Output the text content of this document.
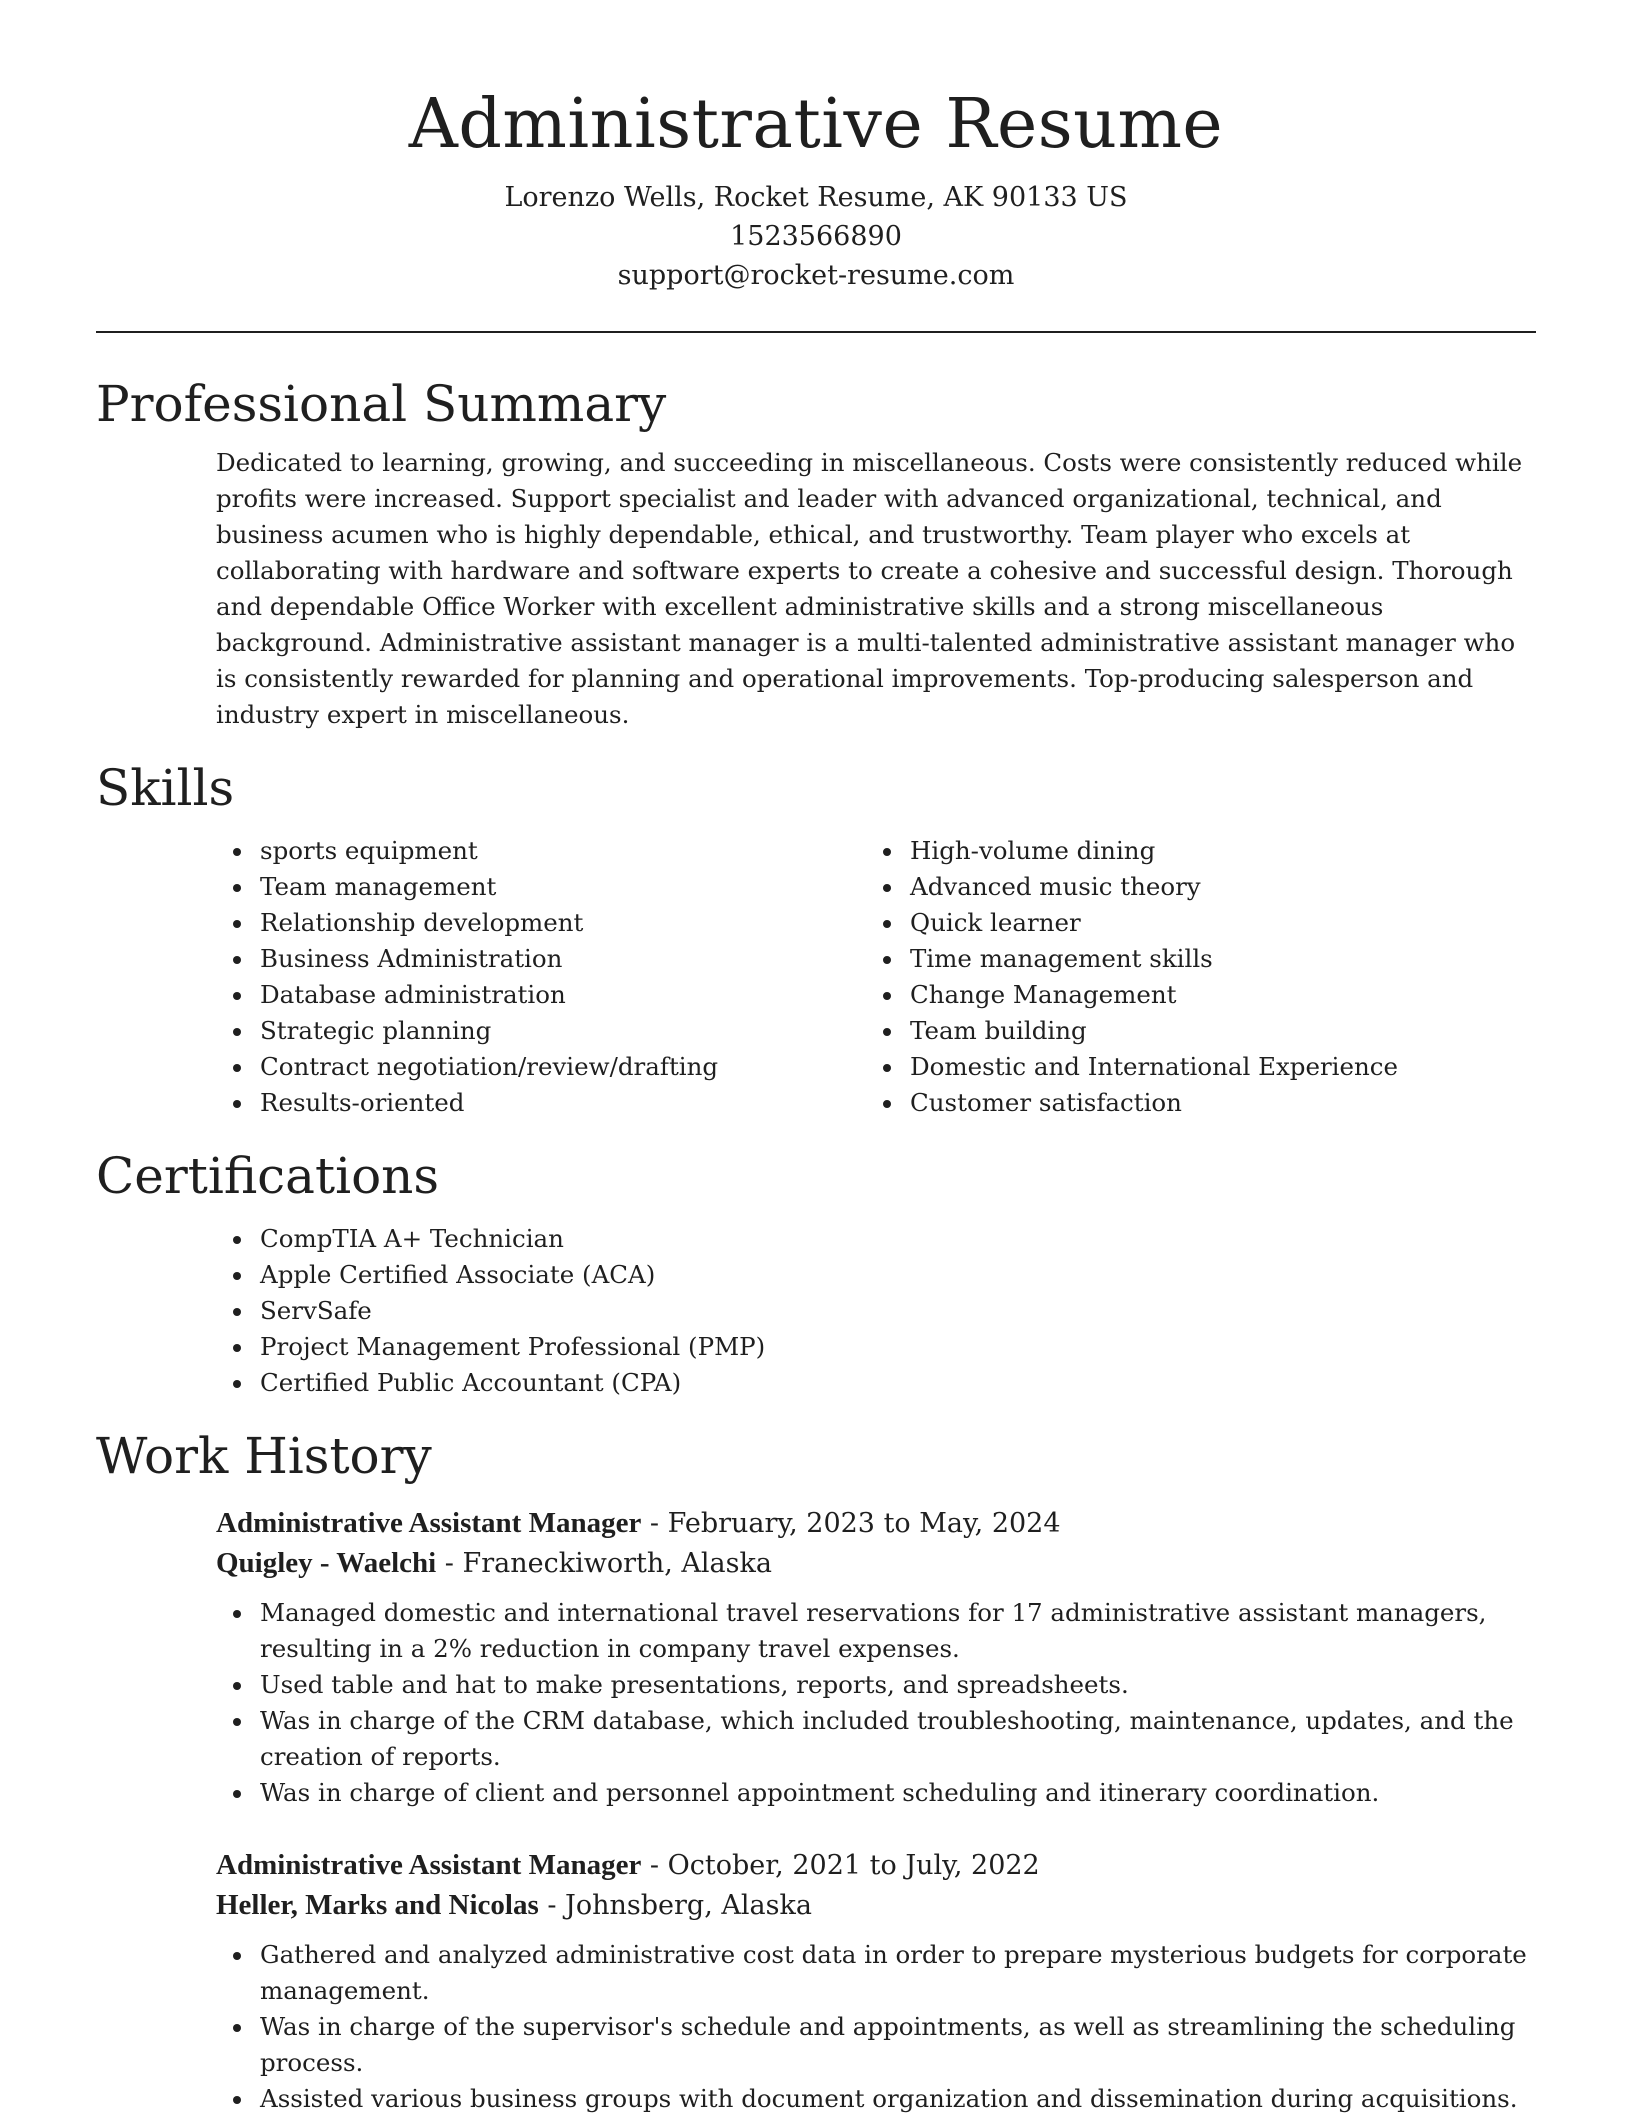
Administrative Resume

Lorenzo Wells, Rocket Resume, AK 90133 US

1523566890

support@rocket-resume.com

Professional Summary

Dedicated to learning, growing, and succeeding in miscellaneous. Costs were consistently reduced while profits were increased. Support specialist and leader with advanced organizational, technical, and business acumen who is highly dependable, ethical, and trustworthy. Team player who excels at collaborating with hardware and software experts to create a cohesive and successful design. Thorough and dependable Office Worker with excellent administrative skills and a strong miscellaneous background. Administrative assistant manager is a multi-talented administrative assistant manager who is consistently rewarded for planning and operational improvements. Top-producing salesperson and industry expert in miscellaneous.

Skills
sports equipment
Team management
Relationship development
Business Administration
Database administration
Strategic planning
Contract negotiation/review/drafting
Results-oriented
High-volume dining
Advanced music theory
Quick learner
Time management skills
Change Management
Team building
Domestic and International Experience
Customer satisfaction
Certifications
CompTIA A+ Technician
Apple Certified Associate (ACA)
ServSafe
Project Management Professional (PMP)
Certified Public Accountant (CPA)
Work History

Administrative Assistant Manager - February, 2023 to May, 2024

Quigley - Waelchi - Franeckiworth, Alaska

Managed domestic and international travel reservations for 17 administrative assistant managers, resulting in a 2% reduction in company travel expenses.
Used table and hat to make presentations, reports, and spreadsheets.
Was in charge of the CRM database, which included troubleshooting, maintenance, updates, and the creation of reports.
Was in charge of client and personnel appointment scheduling and itinerary coordination.

Administrative Assistant Manager - October, 2021 to July, 2022

Heller, Marks and Nicolas - Johnsberg, Alaska

Gathered and analyzed administrative cost data in order to prepare mysterious budgets for corporate management.
Was in charge of the supervisor's schedule and appointments, as well as streamlining the scheduling process.
Assisted various business groups with document organization and dissemination during acquisitions.
